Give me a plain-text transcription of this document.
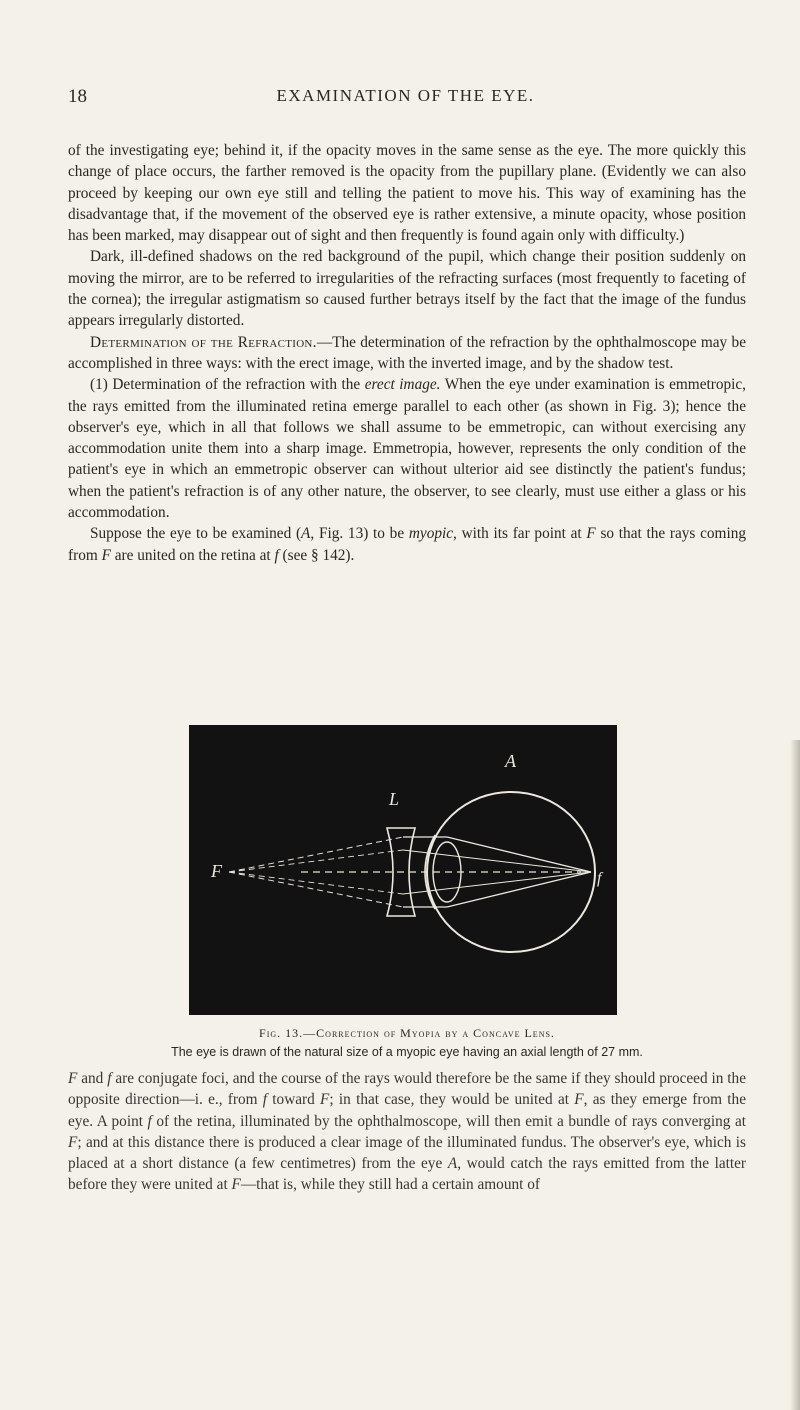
18	EXAMINATION OF THE EYE.

of the investigating eye; behind it, if the opacity moves in the same sense as the eye. The more quickly this change of place occurs, the farther removed is the opacity from the pupillary plane. (Evidently we can also proceed by keeping our own eye still and telling the patient to move his. This way of examining has the disadvantage that, if the movement of the observed eye is rather extensive, a minute opacity, whose position has been marked, may disappear out of sight and then frequently is found again only with difficulty.)

Dark, ill-defined shadows on the red background of the pupil, which change their position suddenly on moving the mirror, are to be referred to irregularities of the refracting surfaces (most frequently to faceting of the cornea); the irregular astigmatism so caused further betrays itself by the fact that the image of the fundus appears irregularly distorted.

Determination of the Refraction.—The determination of the refraction by the ophthalmoscope may be accomplished in three ways: with the erect image, with the inverted image, and by the shadow test.

(1) Determination of the refraction with the erect image. When the eye under examination is emmetropic, the rays emitted from the illuminated retina emerge parallel to each other (as shown in Fig. 3); hence the observer's eye, which in all that follows we shall assume to be emmetropic, can without exercising any accommodation unite them into a sharp image. Emmetropia, however, represents the only condition of the patient's eye in which an emmetropic observer can without ulterior aid see distinctly the patient's fundus; when the patient's refraction is of any other nature, the observer, to see clearly, must use either a glass or his accommodation.

Suppose the eye to be examined (A, Fig. 13) to be myopic, with its far point at F so that the rays coming from F are united on the retina at f (see § 142).

L
A
F	f
Fig. 13.—Correction of Myopia by a Concave Lens.
The eye is drawn of the natural size of a myopic eye having an axial length of 27 mm.

F and f are conjugate foci, and the course of the rays would therefore be the same if they should proceed in the opposite direction—i. e., from f toward F; in that case, they would be united at F, as they emerge from the eye. A point f of the retina, illuminated by the ophthalmoscope, will then emit a bundle of rays converging at F; and at this distance there is produced a clear image of the illuminated fundus. The observer's eye, which is placed at a short distance (a few centimetres) from the eye A, would catch the rays emitted from the latter before they were united at F—that is, while they still had a certain amount of
